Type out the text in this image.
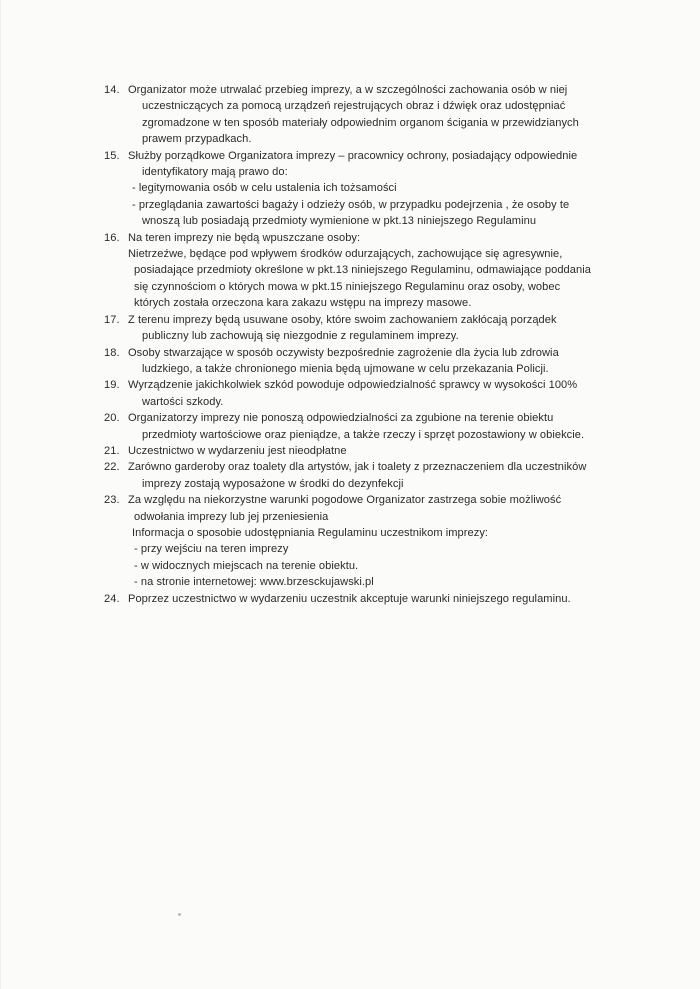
14. Organizator może utrwalać przebieg imprezy, a w szczególności zachowania osób w niej
uczestniczących za pomocą urządzeń rejestrujących obraz i dźwięk oraz udostępniać
zgromadzone w ten sposób materiały odpowiednim organom ścigania w przewidzianych
prawem przypadkach.
15. Służby porządkowe Organizatora imprezy – pracownicy ochrony, posiadający odpowiednie
identyfikatory mają prawo do:
- legitymowania osób w celu ustalenia ich tożsamości
- przeglądania zawartości bagaży i odzieży osób, w przypadku podejrzenia , że osoby te
wnoszą lub posiadają przedmioty wymienione w pkt.13 niniejszego Regulaminu
16. Na teren imprezy nie będą wpuszczane osoby:
Nietrzeźwe, będące pod wpływem środków odurzających, zachowujące się agresywnie,
posiadające przedmioty określone w pkt.13 niniejszego Regulaminu, odmawiające poddania
się czynnościom o których mowa w pkt.15 niniejszego Regulaminu oraz osoby, wobec
których została orzeczona kara zakazu wstępu na imprezy masowe.
17. Z terenu imprezy będą usuwane osoby, które swoim zachowaniem zakłócają porządek
publiczny lub zachowują się niezgodnie z regulaminem imprezy.
18. Osoby stwarzające w sposób oczywisty bezpośrednie zagrożenie dla życia lub zdrowia
ludzkiego, a także chronionego mienia będą ujmowane w celu przekazania Policji.
19. Wyrządzenie jakichkolwiek szkód powoduje odpowiedzialność sprawcy w wysokości 100%
wartości szkody.
20. Organizatorzy imprezy nie ponoszą odpowiedzialności za zgubione na terenie obiektu
przedmioty wartościowe oraz pieniądze, a także rzeczy i sprzęt pozostawiony w obiekcie.
21. Uczestnictwo w wydarzeniu jest nieodpłatne
22. Zarówno garderoby oraz toalety dla artystów, jak i toalety z przeznaczeniem dla uczestników
imprezy zostają wyposażone w środki do dezynfekcji
23. Za względu na niekorzystne warunki pogodowe Organizator zastrzega sobie możliwość
odwołania imprezy lub jej przeniesienia
Informacja o sposobie udostępniania Regulaminu uczestnikom imprezy:
- przy wejściu na teren imprezy
- w widocznych miejscach na terenie obiektu.
- na stronie internetowej: www.brzesckujawski.pl
24. Poprzez uczestnictwo w wydarzeniu uczestnik akceptuje warunki niniejszego regulaminu.
